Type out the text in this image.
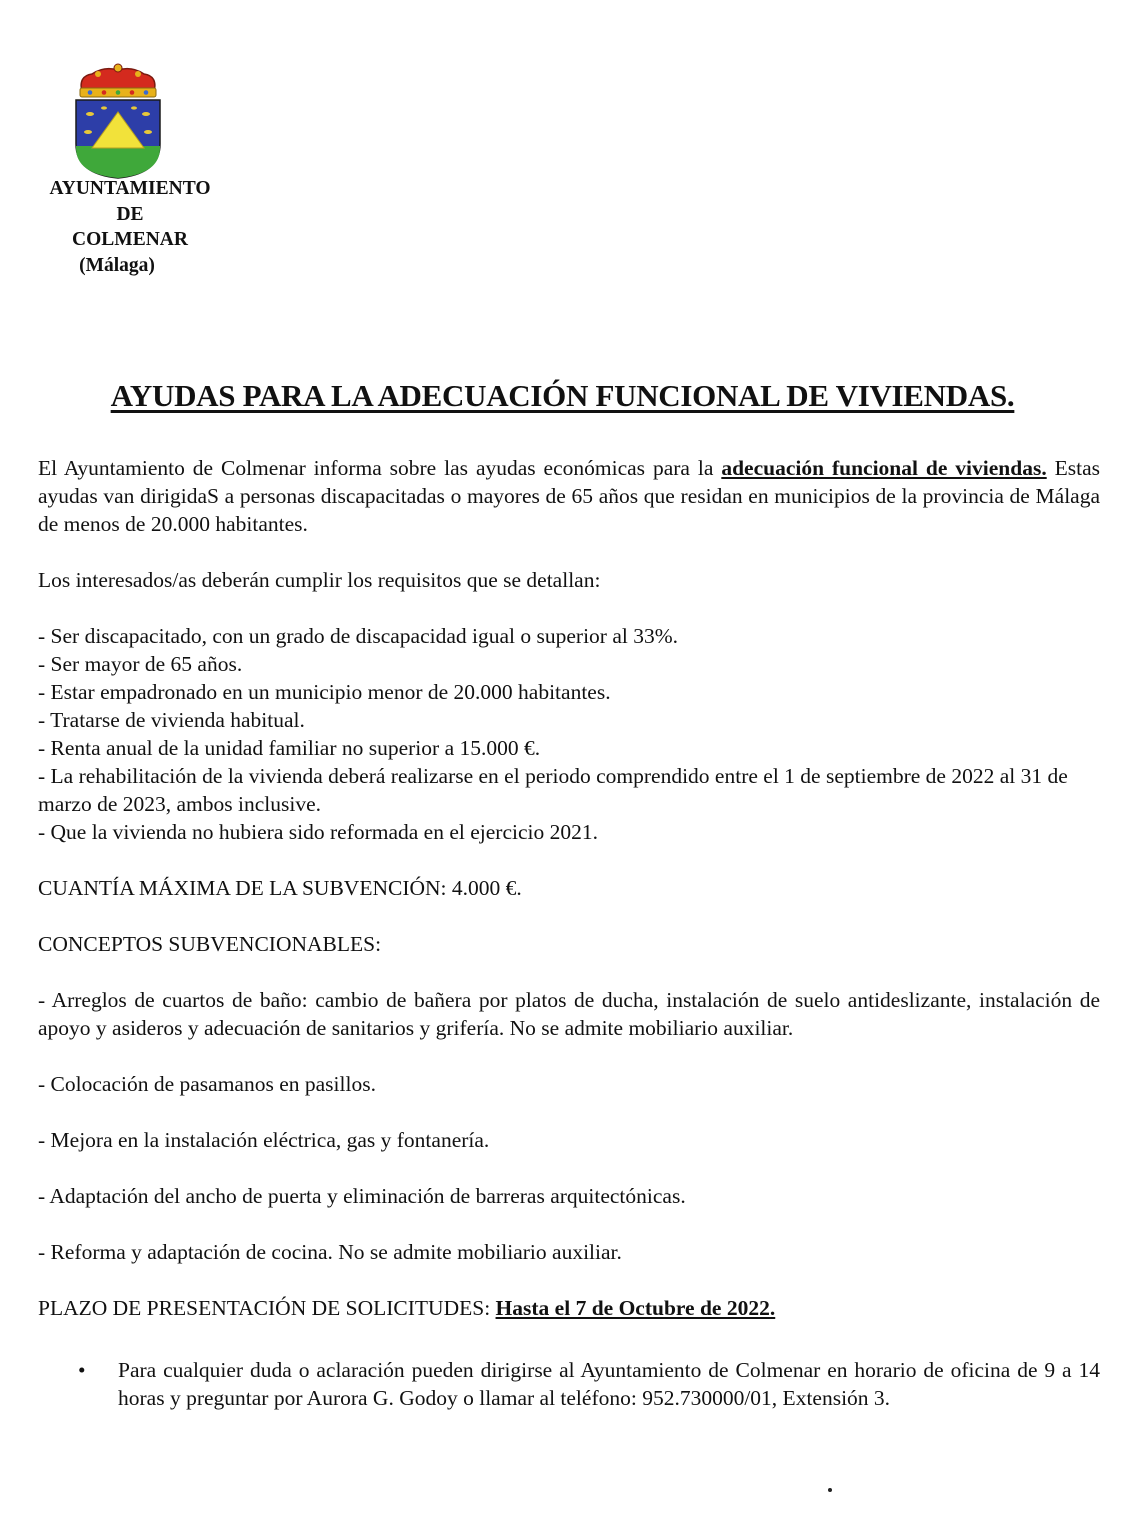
AYUNTAMIENTO
DE
COLMENAR
(Málaga)
AYUDAS PARA LA ADECUACIÓN FUNCIONAL DE VIVIENDAS.

El Ayuntamiento de Colmenar informa sobre las ayudas económicas para la adecuación funcional de viviendas. Estas ayudas van dirigidaS a personas discapacitadas o mayores de 65 años que residan en municipios de la provincia de Málaga de menos de 20.000 habitantes.

Los interesados/as deberán cumplir los requisitos que se detallan:

- Ser discapacitado, con un grado de discapacidad igual o superior al 33%.

- Ser mayor de 65 años.

- Estar empadronado en un municipio menor de 20.000 habitantes.

- Tratarse de vivienda habitual.

- Renta anual de la unidad familiar no superior a 15.000 €.

- La rehabilitación de la vivienda deberá realizarse en el periodo comprendido entre el 1 de septiembre de 2022 al 31 de marzo de 2023, ambos inclusive.

- Que la vivienda no hubiera sido reformada en el ejercicio 2021.

CUANTÍA MÁXIMA DE LA SUBVENCIÓN: 4.000 €.

CONCEPTOS SUBVENCIONABLES:

- Arreglos de cuartos de baño: cambio de bañera por platos de ducha, instalación de suelo antideslizante, instalación de apoyo y asideros y adecuación de sanitarios y grifería. No se admite mobiliario auxiliar.

- Colocación de pasamanos en pasillos.

- Mejora en la instalación eléctrica, gas y fontanería.

- Adaptación del ancho de puerta y eliminación de barreras arquitectónicas.

- Reforma y adaptación de cocina. No se admite mobiliario auxiliar.

PLAZO DE PRESENTACIÓN DE SOLICITUDES: Hasta el 7 de Octubre de 2022.

• Para cualquier duda o aclaración pueden dirigirse al Ayuntamiento de Colmenar en horario de oficina de 9 a 14 horas y preguntar por Aurora G. Godoy o llamar al teléfono: 952.730000/01, Extensión 3.
